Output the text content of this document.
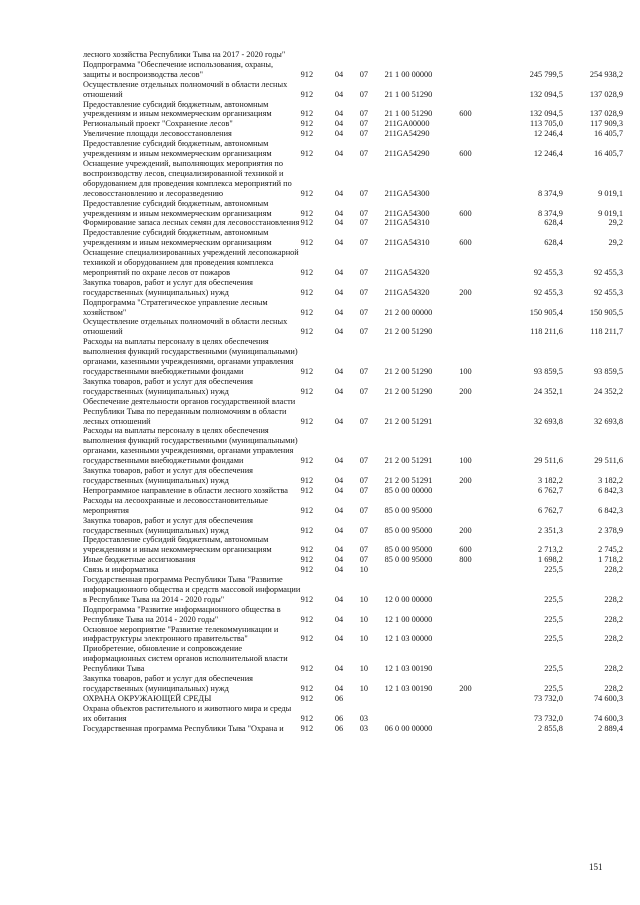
лесного хозяйства Республики Тыва на 2017 - 2020 годы"							
Подпрограмма "Обеспечение использования, охраны, защиты и воспроизводства лесов"	912	04	07	21 1 00 00000		245 799,5	254 938,2
Осуществление отдельных полномочий в области лесных отношений	912	04	07	21 1 00 51290		132 094,5	137 028,9
Предоставление субсидий бюджетным, автономным учреждениям и иным некоммерческим организациям	912	04	07	21 1 00 51290	600	132 094,5	137 028,9
Региональный проект "Сохранение лесов"	912	04	07	211GA00000		113 705,0	117 909,3
Увеличение площади лесовосстановления	912	04	07	211GA54290		12 246,4	16 405,7
Предоставление субсидий бюджетным, автономным учреждениям и иным некоммерческим организациям	912	04	07	211GA54290	600	12 246,4	16 405,7
Оснащение учреждений, выполняющих мероприятия по воспроизводству лесов, специализированной техникой и оборудованием для проведения комплекса мероприятий по лесовосстановлению и лесоразведению	912	04	07	211GA54300		8 374,9	9 019,1
Предоставление субсидий бюджетным, автономным учреждениям и иным некоммерческим организациям	912	04	07	211GA54300	600	8 374,9	9 019,1
Формирование запаса лесных семян для лесовосстановления	912	04	07	211GA54310		628,4	29,2
Предоставление субсидий бюджетным, автономным учреждениям и иным некоммерческим организациям	912	04	07	211GA54310	600	628,4	29,2
Оснащение специализированных учреждений лесопожарной техникой и оборудованием для проведения комплекса мероприятий по охране лесов от пожаров	912	04	07	211GA54320		92 455,3	92 455,3
Закупка товаров, работ и услуг для обеспечения государственных (муниципальных) нужд	912	04	07	211GA54320	200	92 455,3	92 455,3
Подпрограмма "Стратегическое управление лесным хозяйством"	912	04	07	21 2 00 00000		150 905,4	150 905,5
Осуществление отдельных полномочий в области лесных отношений	912	04	07	21 2 00 51290		118 211,6	118 211,7
Расходы на выплаты персоналу в целях обеспечения выполнения функций государственными (муниципальными) органами, казенными учреждениями, органами управления государственными внебюджетными фондами	912	04	07	21 2 00 51290	100	93 859,5	93 859,5
Закупка товаров, работ и услуг для обеспечения государственных (муниципальных) нужд	912	04	07	21 2 00 51290	200	24 352,1	24 352,2
Обеспечение деятельности органов государственной власти Республики Тыва по переданным полномочиям в области лесных отношений	912	04	07	21 2 00 51291		32 693,8	32 693,8
Расходы на выплаты персоналу в целях обеспечения выполнения функций государственными (муниципальными) органами, казенными учреждениями, органами управления государственными внебюджетными фондами	912	04	07	21 2 00 51291	100	29 511,6	29 511,6
Закупка товаров, работ и услуг для обеспечения государственных (муниципальных) нужд	912	04	07	21 2 00 51291	200	3 182,2	3 182,2
Непрограммное направление в области лесного хозяйства	912	04	07	85 0 00 00000		6 762,7	6 842,3
Расходы на лесоохранные и лесовосстановительные мероприятия	912	04	07	85 0 00 95000		6 762,7	6 842,3
Закупка товаров, работ и услуг для обеспечения государственных (муниципальных) нужд	912	04	07	85 0 00 95000	200	2 351,3	2 378,9
Предоставление субсидий бюджетным, автономным учреждениям и иным некоммерческим организациям	912	04	07	85 0 00 95000	600	2 713,2	2 745,2
Иные бюджетные ассигнования	912	04	07	85 0 00 95000	800	1 698,2	1 718,2
Связь и информатика	912	04	10			225,5	228,2
Государственная программа Республики Тыва "Развитие информационного общества и средств массовой информации в Республике Тыва на 2014 - 2020 годы"	912	04	10	12 0 00 00000		225,5	228,2
Подпрограмма "Развитие информационного общества в Республике Тыва на 2014 - 2020 годы"	912	04	10	12 1 00 00000		225,5	228,2
Основное мероприятие "Развитие телекоммуникации и инфраструктуры электронного правительства"	912	04	10	12 1 03 00000		225,5	228,2
Приобретение, обновление и сопровождение информационных систем органов исполнительной власти Республики Тыва	912	04	10	12 1 03 00190		225,5	228,2
Закупка товаров, работ и услуг для обеспечения государственных (муниципальных) нужд	912	04	10	12 1 03 00190	200	225,5	228,2
ОХРАНА ОКРУЖАЮЩЕЙ СРЕДЫ	912	06				73 732,0	74 600,3
Охрана объектов растительного и животного мира и среды их обитания	912	06	03			73 732,0	74 600,3
Государственная программа Республики Тыва "Охрана и	912	06	03	06 0 00 00000		2 855,8	2 889,4
151
